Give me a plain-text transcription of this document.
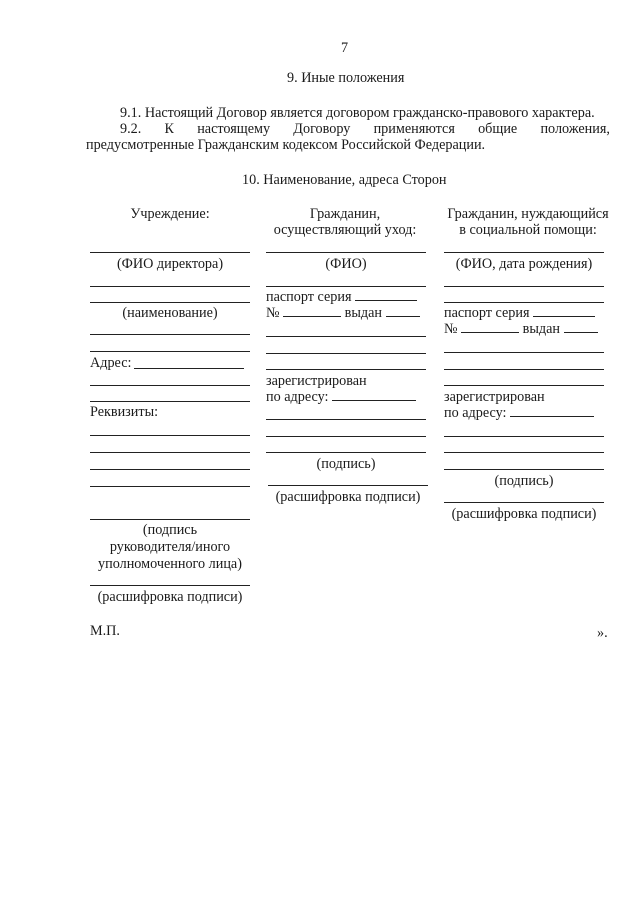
7
9. Иные положения
9.1. Настоящий Договор является договором гражданско-правового характера.
9.2. К настоящему Договору применяются общие положения,
предусмотренные Гражданским кодексом Российской Федерации.
10. Наименование, адреса Сторон
Учреждение:
(ФИО директора)
(наименование)
Адрес:
Реквизиты:
(подпись
руководителя/иного
уполномоченного лица)
(расшифровка подписи)
Гражданин,
осуществляющий уход:
(ФИО)
паспорт серия
№	выдан
зарегистрирован
по адресу:
(подпись)
(расшифровка подписи)
Гражданин, нуждающийся
в социальной помощи:
(ФИО, дата рождения)
паспорт серия
№	выдан
зарегистрирован
по адресу:
(подпись)
(расшифровка подписи)
М.П.	».
